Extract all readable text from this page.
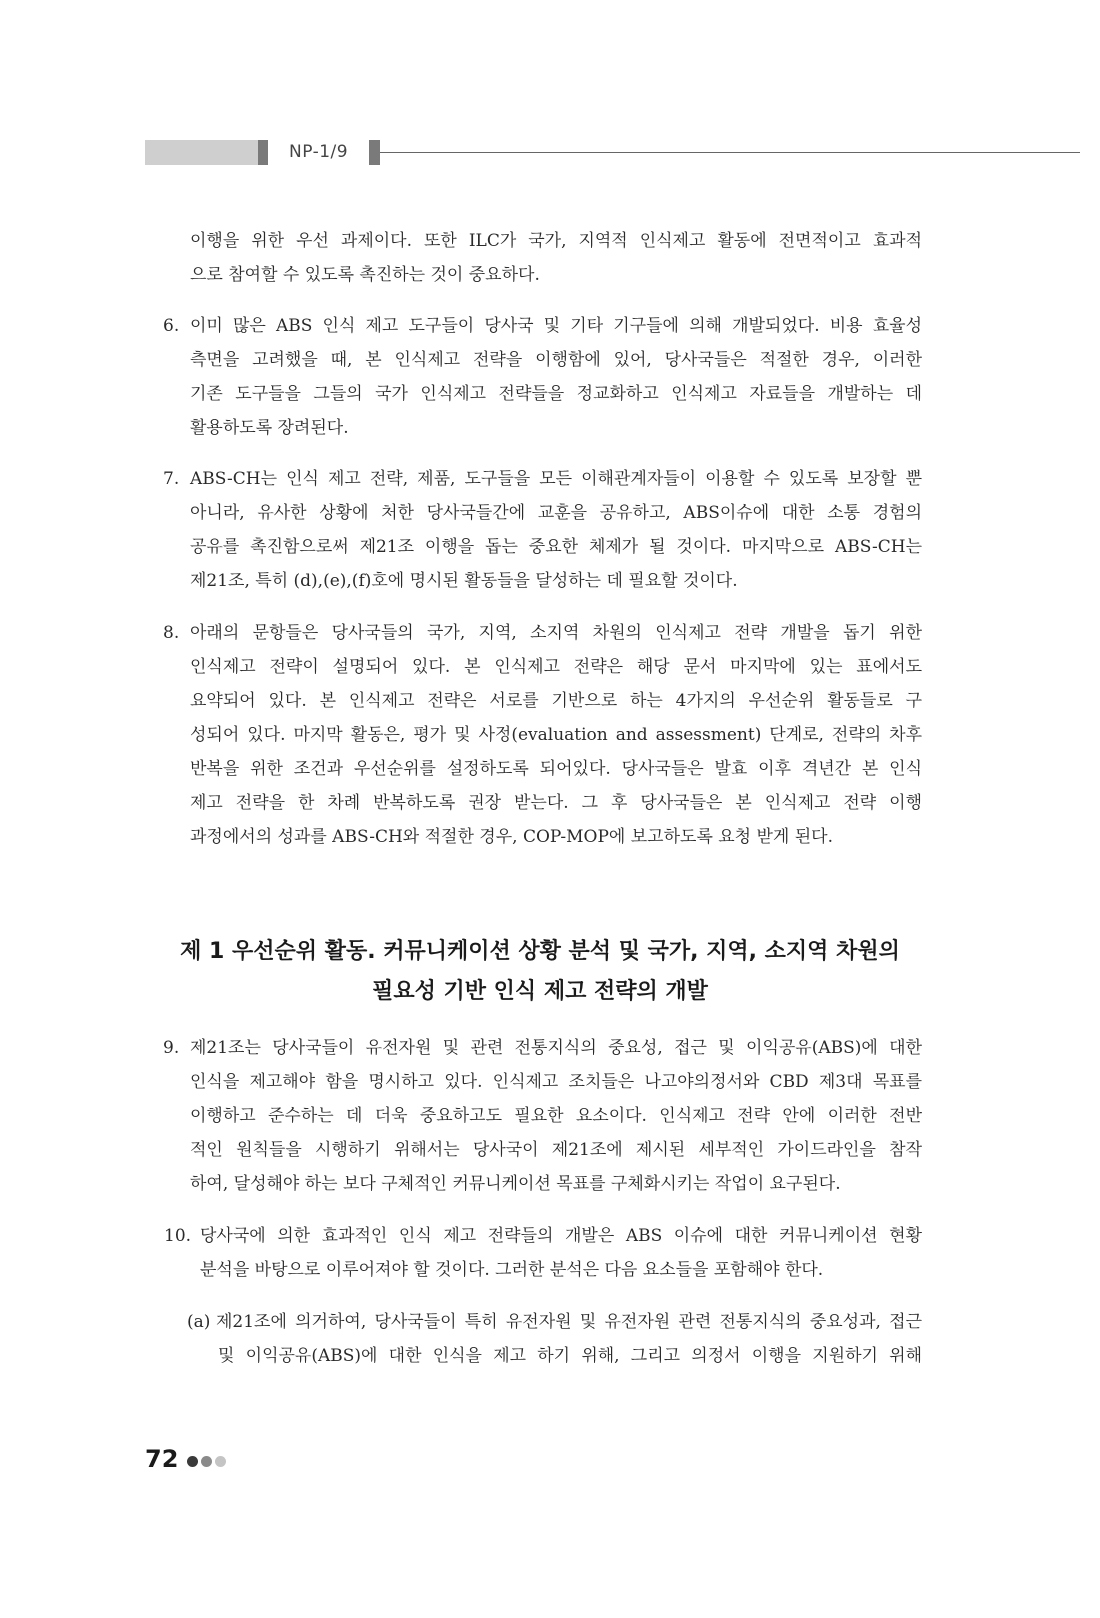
NP-1/9
이행을 위한 우선 과제이다. 또한 ILC가 국가, 지역적 인식제고 활동에 전면적이고 효과적
으로 참여할 수 있도록 촉진하는 것이 중요하다.
6. 이미 많은 ABS 인식 제고 도구들이 당사국 및 기타 기구들에 의해 개발되었다. 비용 효율성
측면을 고려했을 때, 본 인식제고 전략을 이행함에 있어, 당사국들은 적절한 경우, 이러한
기존 도구들을 그들의 국가 인식제고 전략들을 정교화하고 인식제고 자료들을 개발하는 데
활용하도록 장려된다.
7. ABS-CH는 인식 제고 전략, 제품, 도구들을 모든 이해관계자들이 이용할 수 있도록 보장할 뿐
아니라, 유사한 상황에 처한 당사국들간에 교훈을 공유하고, ABS이슈에 대한 소통 경험의
공유를 촉진함으로써 제21조 이행을 돕는 중요한 체제가 될 것이다. 마지막으로 ABS-CH는
제21조, 특히 (d),(e),(f)호에 명시된 활동들을 달성하는 데 필요할 것이다.
8. 아래의 문항들은 당사국들의 국가, 지역, 소지역 차원의 인식제고 전략 개발을 돕기 위한
인식제고 전략이 설명되어 있다. 본 인식제고 전략은 해당 문서 마지막에 있는 표에서도
요약되어 있다. 본 인식제고 전략은 서로를 기반으로 하는 4가지의 우선순위 활동들로 구
성되어 있다. 마지막 활동은, 평가 및 사정(evaluation and assessment) 단계로, 전략의 차후
반복을 위한 조건과 우선순위를 설정하도록 되어있다. 당사국들은 발효 이후 격년간 본 인식
제고 전략을 한 차례 반복하도록 권장 받는다. 그 후 당사국들은 본 인식제고 전략 이행
과정에서의 성과를 ABS-CH와 적절한 경우, COP-MOP에 보고하도록 요청 받게 된다.
제 1 우선순위 활동. 커뮤니케이션 상황 분석 및 국가, 지역, 소지역 차원의
필요성 기반 인식 제고 전략의 개발
9. 제21조는 당사국들이 유전자원 및 관련 전통지식의 중요성, 접근 및 이익공유(ABS)에 대한
인식을 제고해야 함을 명시하고 있다. 인식제고 조치들은 나고야의정서와 CBD 제3대 목표를
이행하고 준수하는 데 더욱 중요하고도 필요한 요소이다. 인식제고 전략 안에 이러한 전반
적인 원칙들을 시행하기 위해서는 당사국이 제21조에 제시된 세부적인 가이드라인을 참작
하여, 달성해야 하는 보다 구체적인 커뮤니케이션 목표를 구체화시키는 작업이 요구된다.
10. 당사국에 의한 효과적인 인식 제고 전략들의 개발은 ABS 이슈에 대한 커뮤니케이션 현황
분석을 바탕으로 이루어져야 할 것이다. 그러한 분석은 다음 요소들을 포함해야 한다.
(a) 제21조에 의거하여, 당사국들이 특히 유전자원 및 유전자원 관련 전통지식의 중요성과, 접근
및 이익공유(ABS)에 대한 인식을 제고 하기 위해, 그리고 의정서 이행을 지원하기 위해
72
